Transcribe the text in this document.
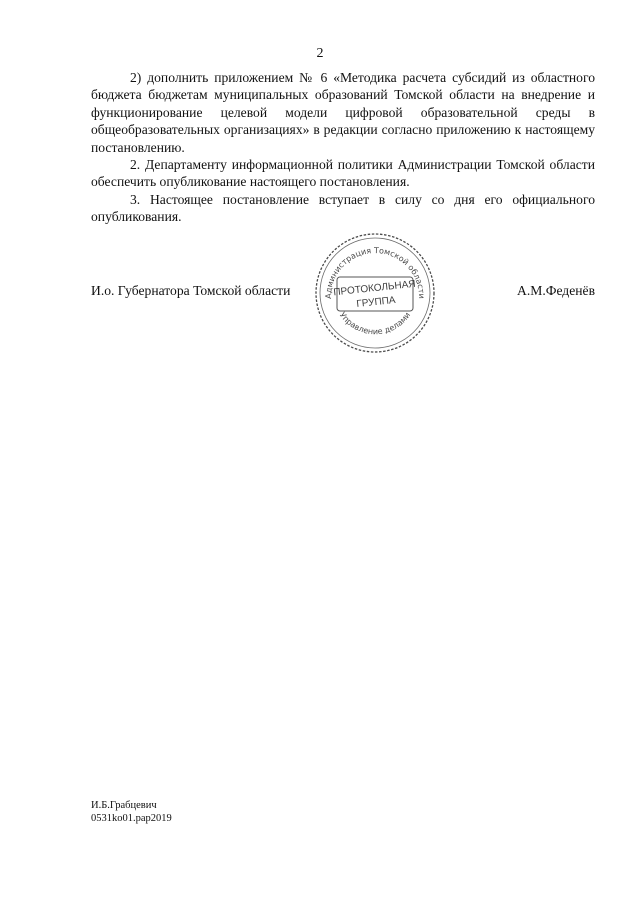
2

2) дополнить приложением № 6 «Методика расчета субсидий из областного бюджета бюджетам муниципальных образований Томской области на внедрение и функционирование целевой модели цифровой образовательной среды в общеобразовательных организациях» в редакции согласно приложению к настоящему постановлению.

2. Департаменту информационной политики Администрации Томской области обеспечить опубликование настоящего постановления.

3. Настоящее постановление вступает в силу со дня его официального опубликования.

И.о. Губернатора Томской области	А.М.Феденёв
Администрация Томской области
Управление делами
ПРОТОКОЛЬНАЯ
ГРУППА
И.Б.Грабцевич
0531ko01.pap2019
